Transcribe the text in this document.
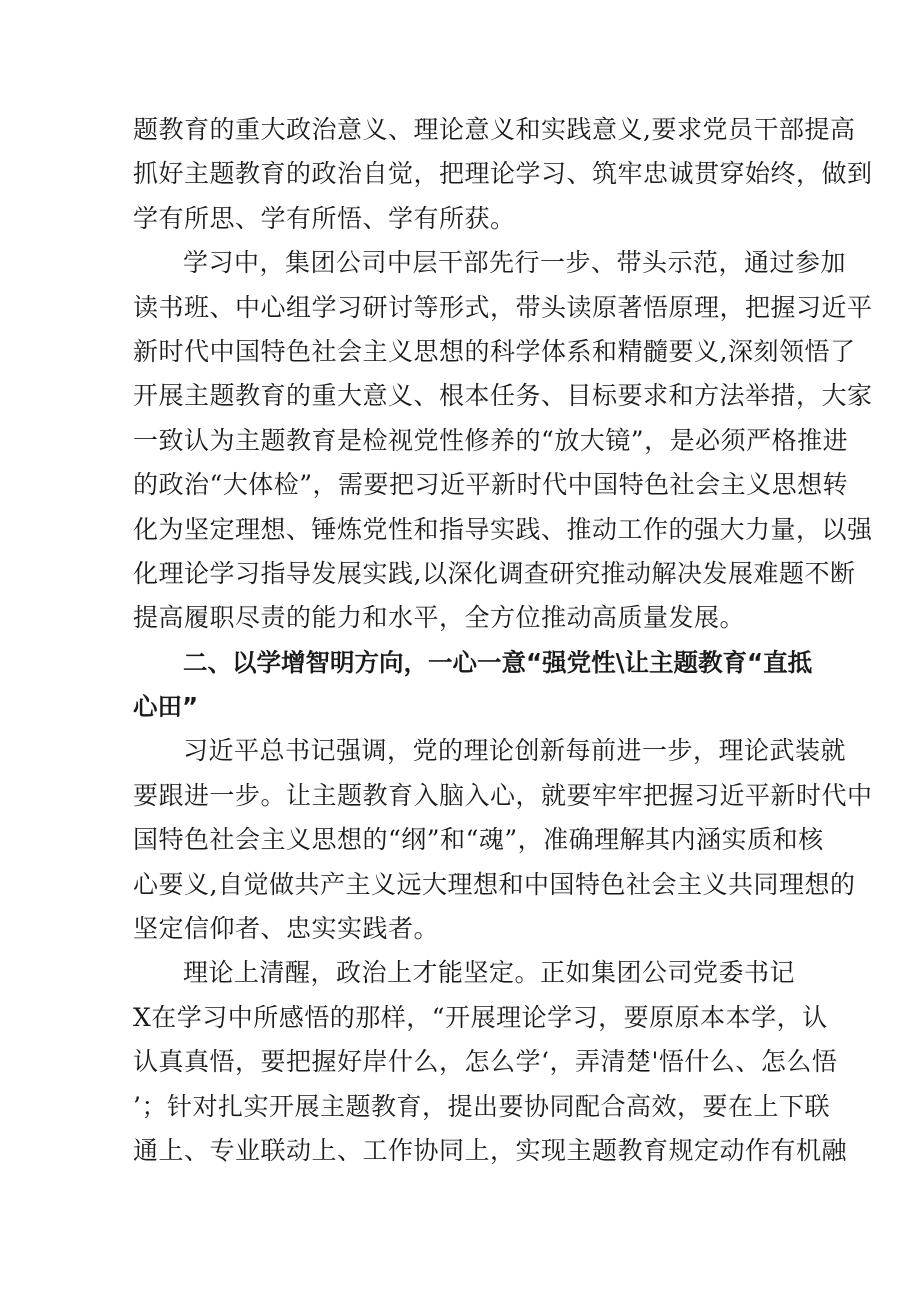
题教育的重大政治意义、理论意义和实践意义,要求党员干部提高
抓好主题教育的政治自觉，把理论学习、筑牢忠诚贯穿始终，做到
学有所思、学有所悟、学有所获。
学习中，集团公司中层干部先行一步、带头示范，通过参加
读书班、中心组学习研讨等形式，带头读原著悟原理，把握习近平
新时代中国特色社会主义思想的科学体系和精髓要义,深刻领悟了
开展主题教育的重大意义、根本任务、目标要求和方法举措，大家
一致认为主题教育是检视党性修养的“放大镜”，是必须严格推进
的政治“大体检”，需要把习近平新时代中国特色社会主义思想转
化为坚定理想、锤炼党性和指导实践、推动工作的强大力量，以强
化理论学习指导发展实践,以深化调查研究推动解决发展难题不断
提高履职尽责的能力和水平，全方位推动高质量发展。
二、以学增智明方向，一心一意“强党性\让主题教育“直抵
心田”
习近平总书记强调，党的理论创新每前进一步，理论武装就
要跟进一步。让主题教育入脑入心，就要牢牢把握习近平新时代中
国特色社会主义思想的“纲”和“魂”，准确理解其内涵实质和核
心要义,自觉做共产主义远大理想和中国特色社会主义共同理想的
坚定信仰者、忠实实践者。
理论上清醒，政治上才能坚定。正如集团公司党委书记
X在学习中所感悟的那样，“开展理论学习，要原原本本学，认
认真真悟，要把握好岸什么，怎么学‘，弄清楚'悟什么、怎么悟
’；针对扎实开展主题教育，提出要协同配合高效，要在上下联
通上、专业联动上、工作协同上，实现主题教育规定动作有机融
